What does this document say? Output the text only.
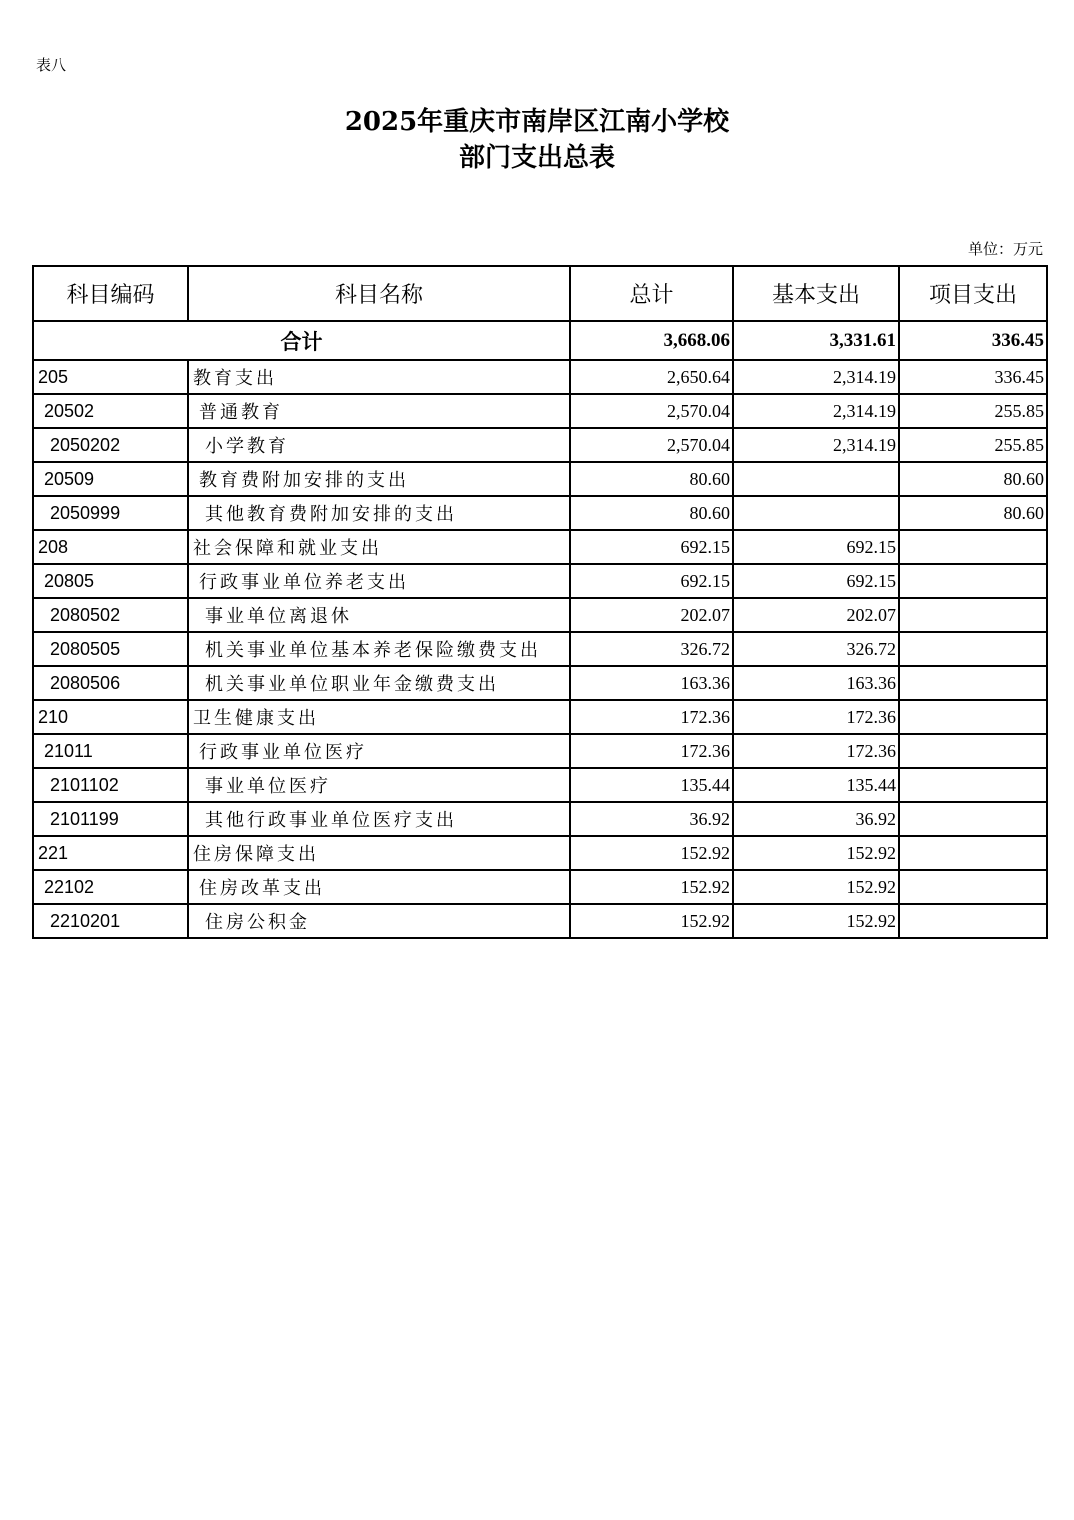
表八
2025年重庆市南岸区江南小学校
部门支出总表
单位：万元
科目编码	科目名称	总计	基本支出	项目支出
合计		3,668.06	3,331.61	336.45
205	教育支出	2,650.64	2,314.19	336.45
20502	普通教育	2,570.04	2,314.19	255.85
2050202	小学教育	2,570.04	2,314.19	255.85
20509	教育费附加安排的支出	80.60		80.60
2050999	其他教育费附加安排的支出	80.60		80.60
208	社会保障和就业支出	692.15	692.15	
20805	行政事业单位养老支出	692.15	692.15	
2080502	事业单位离退休	202.07	202.07	
2080505	机关事业单位基本养老保险缴费支出	326.72	326.72	
2080506	机关事业单位职业年金缴费支出	163.36	163.36	
210	卫生健康支出	172.36	172.36	
21011	行政事业单位医疗	172.36	172.36	
2101102	事业单位医疗	135.44	135.44	
2101199	其他行政事业单位医疗支出	36.92	36.92	
221	住房保障支出	152.92	152.92	
22102	住房改革支出	152.92	152.92	
2210201	住房公积金	152.92	152.92	
